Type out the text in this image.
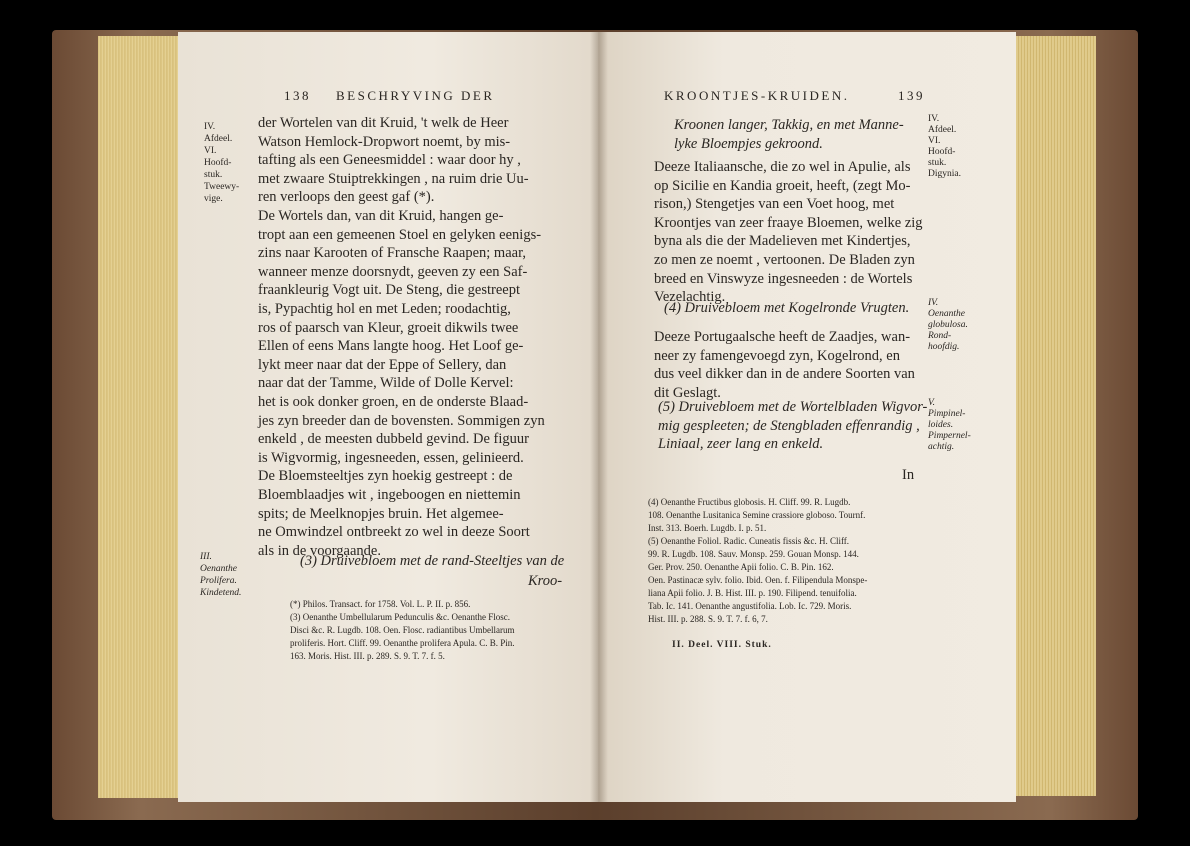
138 BESCHRYVING DER
IV.
Afdeel.
VI.
Hoofd-
stuk.
Tweewy-
vige.
der Wortelen van dit Kruid, 't welk de Heer
Watson Hemlock-Dropwort noemt, by mis-
tafting als een Geneesmiddel : waar door hy ,
met zwaare Stuiptrekkingen , na ruim drie Uu-
ren verloops den geest gaf (*).
De Wortels dan, van dit Kruid, hangen ge-
tropt aan een gemeenen Stoel en gelyken eenigs-
zins naar Karooten of Fransche Raapen; maar,
wanneer menze doorsnydt, geeven zy een Saf-
fraankleurig Vogt uit. De Steng, die gestreept
is, Pypachtig hol en met Leden; roodachtig,
ros of paarsch van Kleur, groeit dikwils twee
Ellen of eens Mans langte hoog. Het Loof ge-
lykt meer naar dat der Eppe of Sellery, dan
naar dat der Tamme, Wilde of Dolle Kervel:
het is ook donker groen, en de onderste Blaad-
jes zyn breeder dan de bovensten. Sommigen zyn
enkeld , de meesten dubbeld gevind. De figuur
is Wigvormig, ingesneeden, essen, gelinieerd.
De Bloemsteeltjes zyn hoekig gestreept : de
Bloemblaadjes wit , ingeboogen en niettemin
spits; de Meelknopjes bruin. Het algemee-
ne Omwindzel ontbreekt zo wel in deeze Soort
als in de voorgaande.
(3) Druivebloem met de rand-Steeltjes van de
Kroo-
III.
Oenanthe
Prolifera.
Kindetend.
(*) Philos. Transact. for 1758. Vol. L. P. II. p. 856.
(3) Oenanthe Umbellularum Pedunculis &c. Oenanthe Flosc.
Disci &c. R. Lugdb. 108. Oen. Flosc. radiantibus Umbellarum
proliferis. Hort. Cliff. 99. Oenanthe prolifera Apula. C. B. Pin.
163. Moris. Hist. III. p. 289. S. 9. T. 7. f. 5.
KROONTJES-KRUIDEN.	139
IV.
Afdeel.
VI.
Hoofd-
stuk.
Digynia.
Kroonen langer, Takkig, en met Manne-
lyke Bloempjes gekroond.
Deeze Italiaansche, die zo wel in Apulie, als
op Sicilie en Kandia groeit, heeft, (zegt Mo-
rison,) Stengetjes van een Voet hoog, met
Kroontjes van zeer fraaye Bloemen, welke zig
byna als die der Madelieven met Kindertjes,
zo men ze noemt , vertoonen. De Bladen zyn
breed en Vinswyze ingesneeden : de Wortels
Vezelachtig.
(4) Druivebloem met Kogelronde Vrugten.
Deeze Portugaalsche heeft de Zaadjes, wan-
neer zy famengevoegd zyn, Kogelrond, en
dus veel dikker dan in de andere Soorten van
dit Geslagt.
IV.
Oenanthe
globulosa.
Rond-
hoofdig.
(5) Druivebloem met de Wortelbladen Wigvor-
mig gespleeten; de Stengbladen effenrandig ,
Liniaal, zeer lang en enkeld.
V.
Pimpinel-
loides.
Pimpernel-
achtig.
In
(4) Oenanthe Fructibus globosis. H. Cliff. 99. R. Lugdb.
108. Oenanthe Lusitanica Semine crassiore globoso. Tournf.
Inst. 313. Boerh. Lugdb. I. p. 51.
(5) Oenanthe Foliol. Radic. Cuneatis fissis &c. H. Cliff.
99. R. Lugdb. 108. Sauv. Monsp. 259. Gouan Monsp. 144.
Ger. Prov. 250. Oenanthe Apii folio. C. B. Pin. 162.
Oen. Pastinacæ sylv. folio. Ibid. Oen. f. Filipendula Monspe-
liana Apii folio. J. B. Hist. III. p. 190. Filipend. tenuifolia.
Tab. Ic. 141. Oenanthe angustifolia. Lob. Ic. 729. Moris.
Hist. III. p. 288. S. 9. T. 7. f. 6, 7.
II. Deel. VIII. Stuk.
